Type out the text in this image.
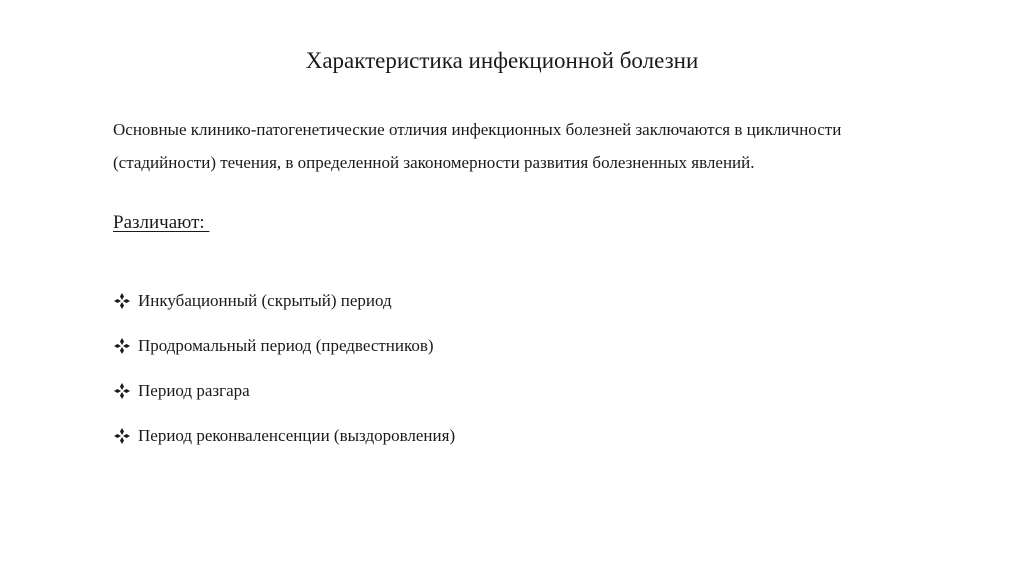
Характеристика инфекционной болезни
Основные клинико-патогенетические отличия инфекционных болезней заключаются в цикличности
(стадийности) течения, в определенной закономерности развития болезненных явлений.
Различают:
Инкубационный (скрытый) период
Продромальный период (предвестников)
Период разгара
Период реконваленсенции (выздоровления)
